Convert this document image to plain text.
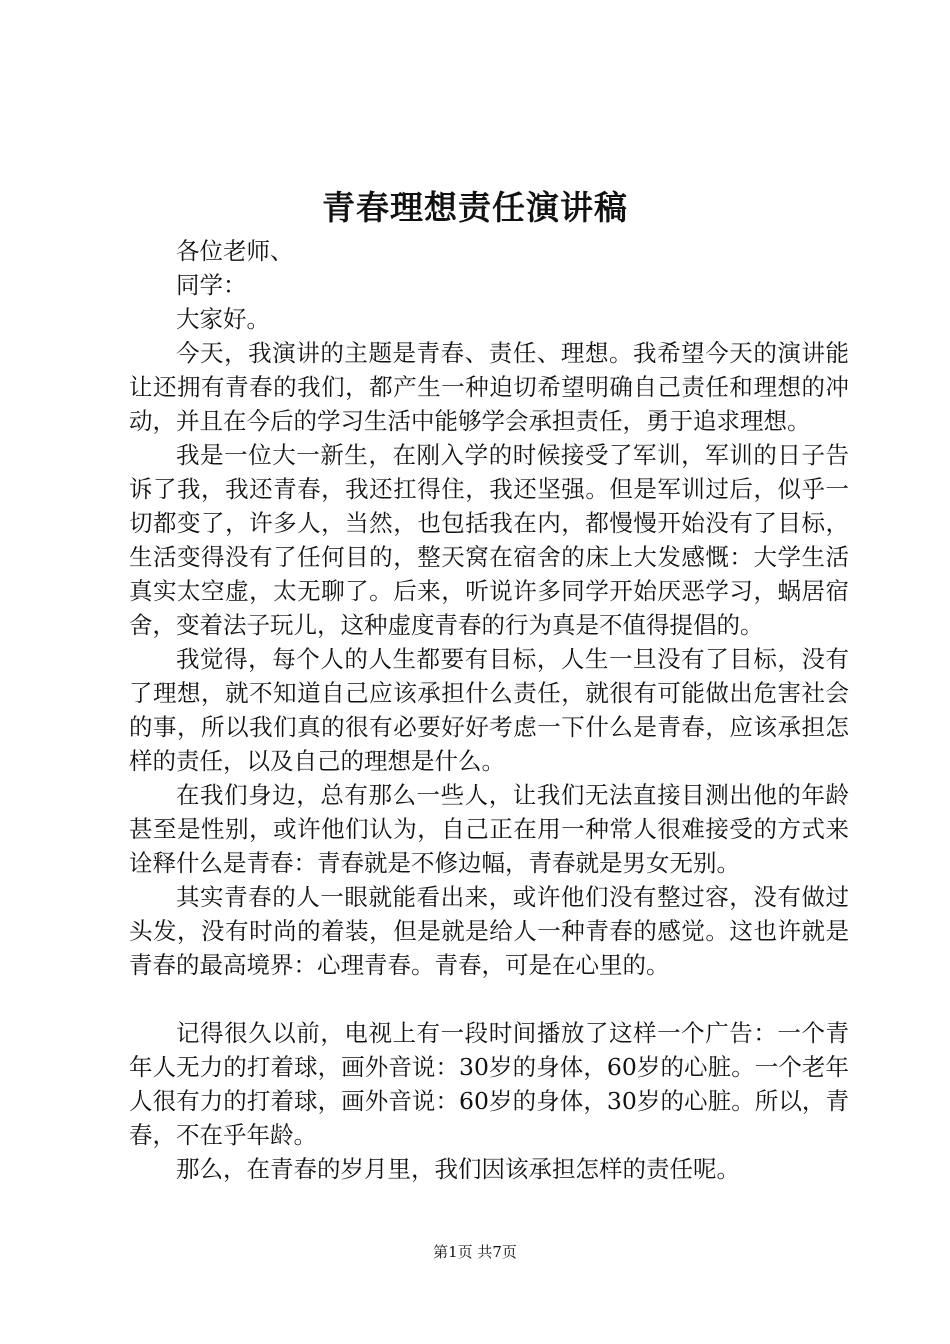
青春理想责任演讲稿

各位老师、

同学：

大家好。

今天，我演讲的主题是青春、责任、理想。我希望今天的演讲能让还拥有青春的我们，都产生一种迫切希望明确自己责任和理想的冲动，并且在今后的学习生活中能够学会承担责任，勇于追求理想。

我是一位大一新生，在刚入学的时候接受了军训，军训的日子告诉了我，我还青春，我还扛得住，我还坚强。但是军训过后，似乎一切都变了，许多人，当然，也包括我在内，都慢慢开始没有了目标，生活变得没有了任何目的，整天窝在宿舍的床上大发感慨：大学生活真实太空虚，太无聊了。后来，听说许多同学开始厌恶学习，蜗居宿舍，变着法子玩儿，这种虚度青春的行为真是不值得提倡的。

我觉得，每个人的人生都要有目标，人生一旦没有了目标，没有了理想，就不知道自己应该承担什么责任，就很有可能做出危害社会的事，所以我们真的很有必要好好考虑一下什么是青春，应该承担怎样的责任，以及自己的理想是什么。

在我们身边，总有那么一些人，让我们无法直接目测出他的年龄甚至是性别，或许他们认为，自己正在用一种常人很难接受的方式来诠释什么是青春：青春就是不修边幅，青春就是男女无别。

其实青春的人一眼就能看出来，或许他们没有整过容，没有做过头发，没有时尚的着装，但是就是给人一种青春的感觉。这也许就是青春的最高境界：心理青春。青春，可是在心里的。

记得很久以前，电视上有一段时间播放了这样一个广告：一个青年人无力的打着球，画外音说：30岁的身体，60岁的心脏。一个老年人很有力的打着球，画外音说：60岁的身体，30岁的心脏。所以，青春，不在乎年龄。

那么，在青春的岁月里，我们因该承担怎样的责任呢。

第1页 共7页
